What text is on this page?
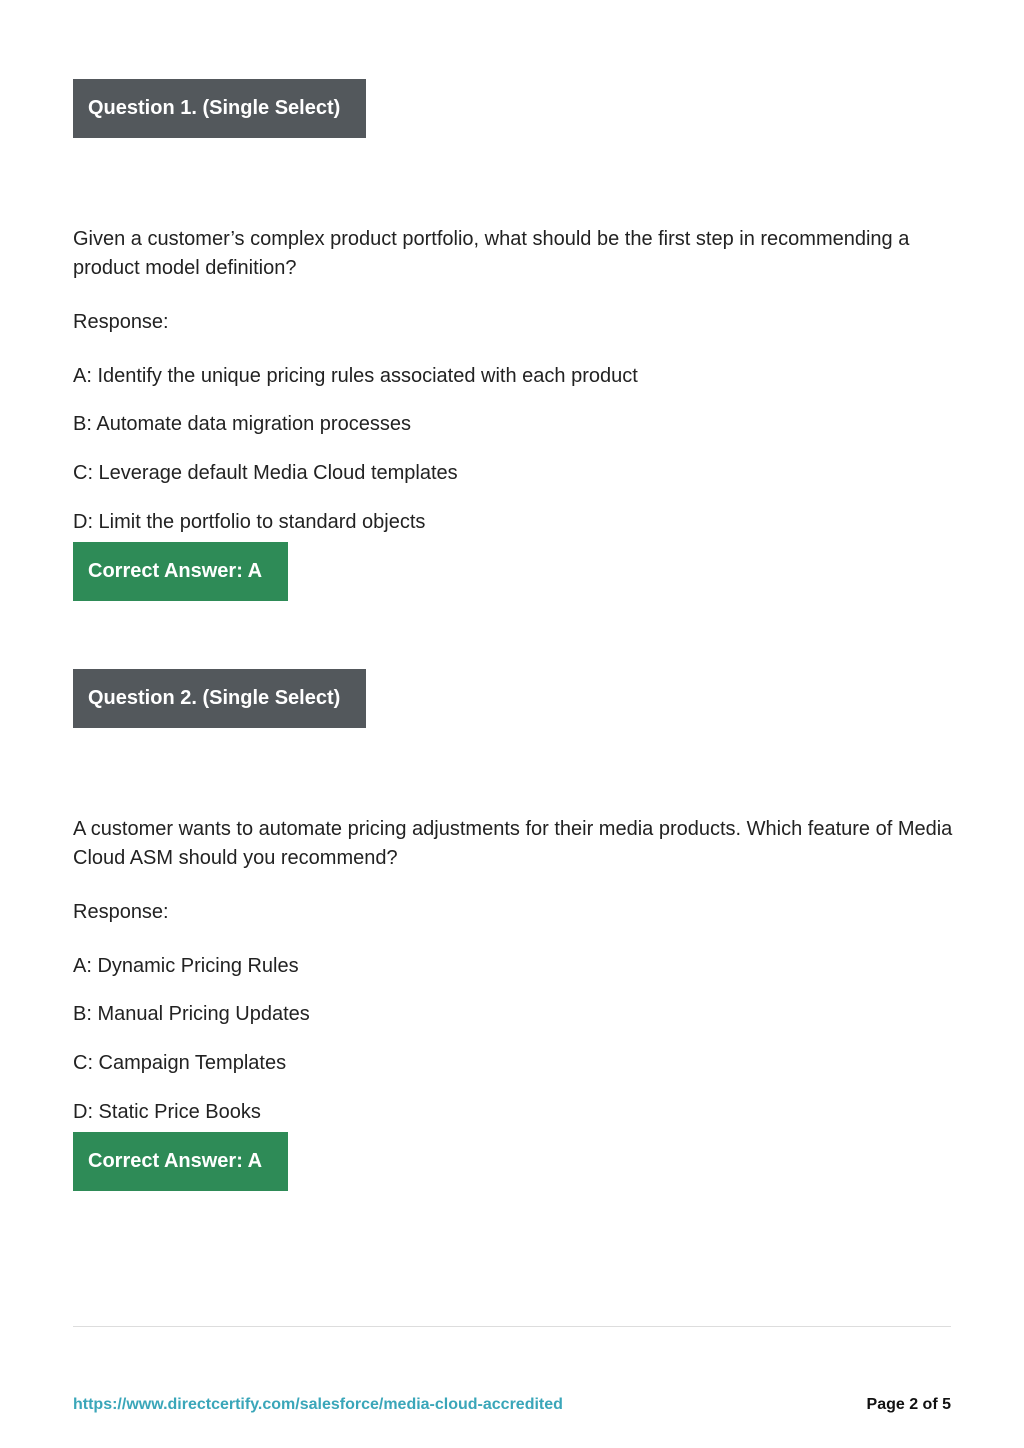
Question 1. (Single Select)
Given a customer’s complex product portfolio, what should be the first step in recommending a product model definition?
Response:
A: Identify the unique pricing rules associated with each product
B: Automate data migration processes
C: Leverage default Media Cloud templates
D: Limit the portfolio to standard objects
Correct Answer: A
Question 2. (Single Select)
A customer wants to automate pricing adjustments for their media products. Which feature of Media Cloud ASM should you recommend?
Response:
A: Dynamic Pricing Rules
B: Manual Pricing Updates
C: Campaign Templates
D: Static Price Books
Correct Answer: A
https://www.directcertify.com/salesforce/media-cloud-accredited	Page 2 of 5
